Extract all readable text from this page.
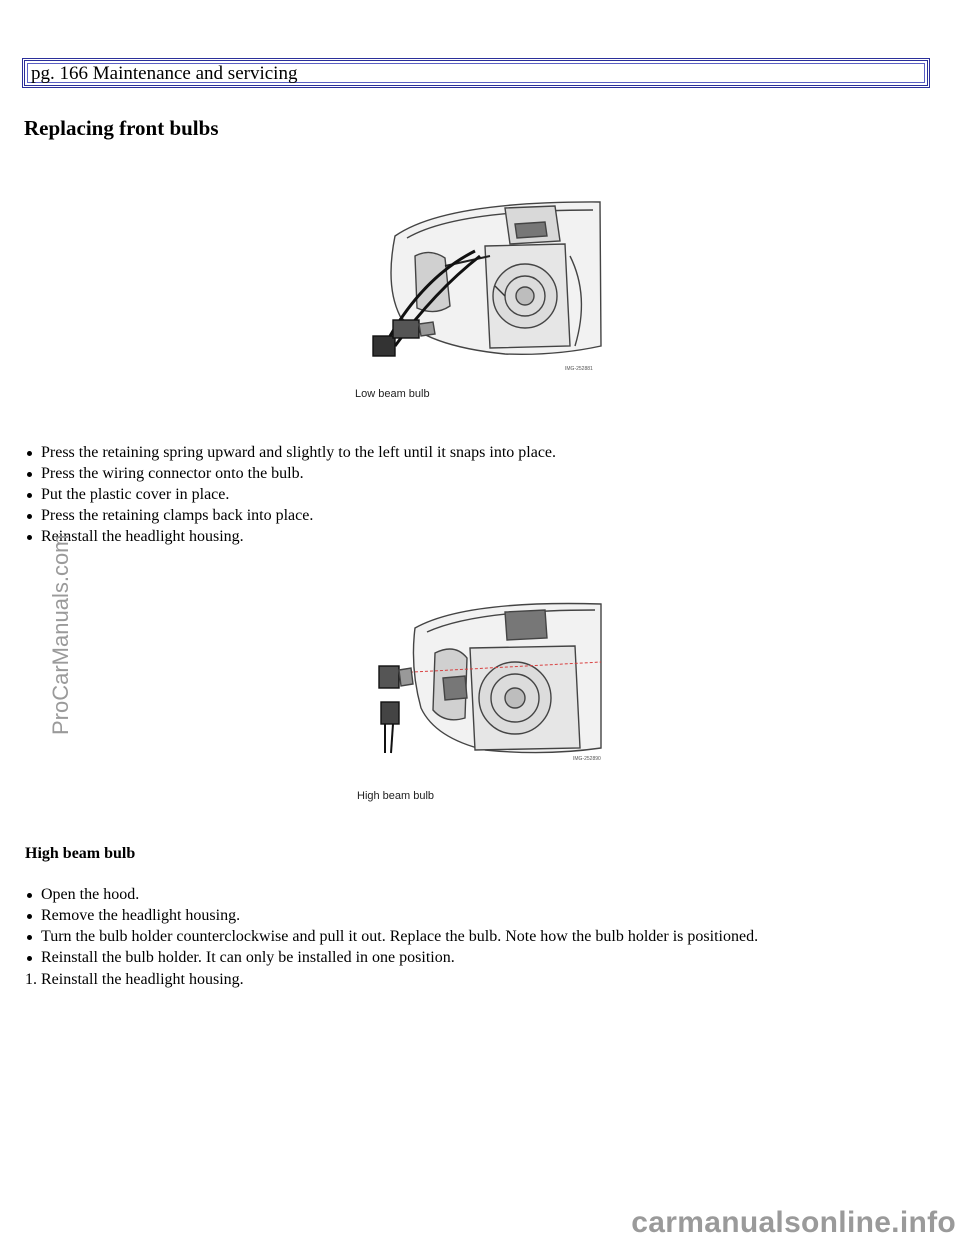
pg. 166 Maintenance and servicing
Replacing front bulbs
IMG-252881
Low beam bulb
Press the retaining spring upward and slightly to the left until it snaps into place.
Press the wiring connector onto the bulb.
Put the plastic cover in place.
Press the retaining clamps back into place.
Reinstall the headlight housing.
IMG-252890
High beam bulb
High beam bulb
Open the hood.
Remove the headlight housing.
Turn the bulb holder counterclockwise and pull it out. Replace the bulb. Note how the bulb holder is positioned.
Reinstall the bulb holder. It can only be installed in one position.
1. Reinstall the headlight housing.
ProCarManuals.com
carmanualsonline.info
